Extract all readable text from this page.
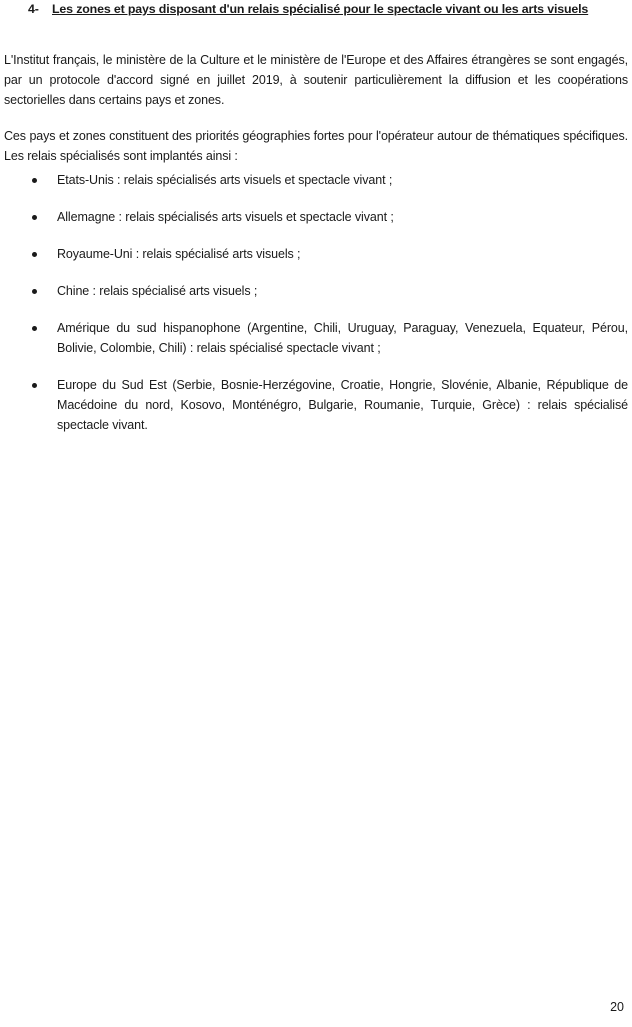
4- Les zones et pays disposant d'un relais spécialisé pour le spectacle vivant ou les arts visuels

L'Institut français, le ministère de la Culture et le ministère de l'Europe et des Affaires étrangères se sont engagés, par un protocole d'accord signé en juillet 2019, à soutenir particulièrement la diffusion et les coopérations sectorielles dans certains pays et zones.

Ces pays et zones constituent des priorités géographies fortes pour l'opérateur autour de thématiques spécifiques. Les relais spécialisés sont implantés ainsi :

Etats-Unis : relais spécialisés arts visuels et spectacle vivant ;
Allemagne : relais spécialisés arts visuels et spectacle vivant ;
Royaume-Uni : relais spécialisé arts visuels ;
Chine : relais spécialisé arts visuels ;
Amérique du sud hispanophone (Argentine, Chili, Uruguay, Paraguay, Venezuela, Equateur, Pérou, Bolivie, Colombie, Chili) : relais spécialisé spectacle vivant ;
Europe du Sud Est (Serbie, Bosnie-Herzégovine, Croatie, Hongrie, Slovénie, Albanie, République de Macédoine du nord, Kosovo, Monténégro, Bulgarie, Roumanie, Turquie, Grèce) : relais spécialisé spectacle vivant.
20
